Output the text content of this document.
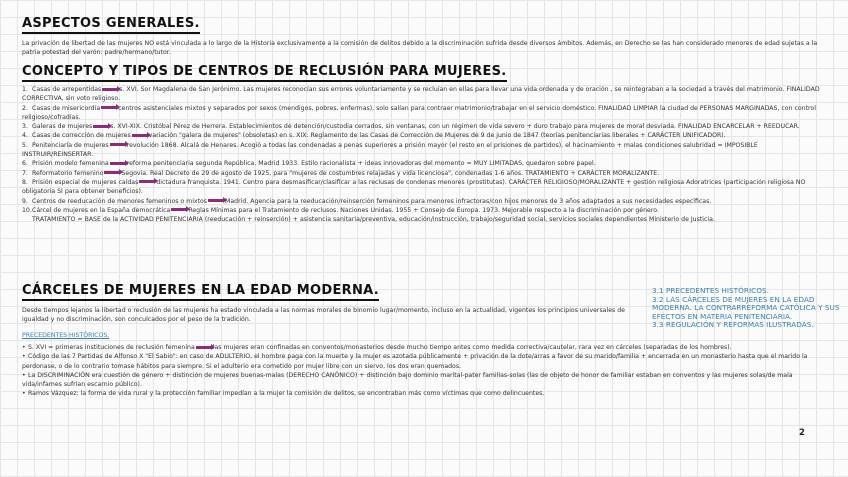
ASPECTOS GENERALES.
La privación de libertad de las mujeres NO está vinculada a lo largo de la Historia exclusivamente a la comisión de delitos debido a la discriminación sufrida desde diversos ámbitos. Además, en Derecho se las han considerado menores de edad sujetas a la patria potestad del varón: padre/hermano/tutor.
CONCEPTO Y TIPOS DE CENTROS DE RECLUSIÓN PARA MUJERES.
1. Casas de arrepentidas	s. XVI. Sor Magdalena de San Jerónimo. Las mujeres reconocían sus errores voluntariamente y se recluían en ellas para llevar una vida ordenada y de oración , se reintegraban a la sociedad a través del matrimonio. FINALIDAD CORRECTIVA, sin voto religioso.
2. Casas de misericordia	centros asistenciales mixtos y separados por sexos (mendigos, pobres, enfermas), solo salían para contraer matrimonio/trabajar en el servicio doméstico. FINALIDAD LIMPIAR la ciudad de PERSONAS MARGINADAS, con control religioso/cofradías.
3. Galeras de mujeres	s. XVI-XIX. Cristóbal Pérez de Herrera. Establecimientos de detención/custodia cerrados, sin ventanas, con un régimen de vida severo + duro trabajo para mujeres de moral desviada. FINALIDAD ENCARCELAR + REEDUCAR.
4. Casas de corrección de mujeres	variación "galera de mujeres" (obsoletas) en s. XIX: Reglamento de las Casas de Corrección de Mujeres de 9 de junio de 1847 (teorías penitenciarias liberales + CARÁCTER UNIFICADOR).
5. Penitenciaría de mujeres	revolución 1868. Alcalá de Henares. Acogió a todas las condenadas a penas superiores a prisión mayor (el resto en el prisiones de partidos), el hacinamiento + malas condiciones salubridad = IMPOSIBLE INSTRUIR/REINSERTAR.
6. Prisión modelo femenina	reforma penitenciaria segunda República. Madrid 1933. Estilo racionalista + ideas innovadoras del momento = MUY LIMITADAS, quedaron sobre papel.
7. Reformatorio femenino	Segovia. Real Decreto de 29 de agosto de 1925, para "mujeres de costumbres relajadas y vida licenciosa", condenadas 1-6 años. TRATAMIENTO + CARÁCTER MORALIZANTE.
8. Prisión especial de mujeres caídas	dictadura franquista. 1941. Centro para desmasificar/clasificar a las reclusas de condenas menores (prostitutas). CARÁCTER RELIGIOSO/MORALIZANTE + gestión religiosa Adoratrices (participación religiosa NO obligatoria SI para obtener beneficios).
9. Centros de reeducación de menores femeninos o mixtos	Madrid. Agencia para la reeducación/reinserción femeninos para menores infractoras/con hijos menores de 3 años adaptados a sus necesidades específicas.
10.Cárcel de mujeres en la España democrática	Reglas Mínimas para el Tratamiento de reclusos. Naciones Unidas. 1955 + Consejo de Europa. 1973. Mejorable respecto a la discriminación por género.
TRATAMIENTO = BASE de la ACTIVIDAD PENITENCIARIA (reeducación + reinserción) + asistencia sanitaria/preventiva, educación/instrucción, trabajo/seguridad social, servicios sociales dependientes Ministerio de Justicia.
CÁRCELES DE MUJERES EN LA EDAD MODERNA.
Desde tiempos lejanos la libertad o reclusión de las mujeres ha estado vinculada a las normas morales de binomio lugar/momento, incluso en la actualidad, vigentes los principios universales de igualdad y no discriminación, son conculcados por el peso de la tradición.
PRECEDENTES HISTÓRICOS.
• S. XVI = primeras instituciones de reclusión femenina	las mujeres eran confinadas en conventos/monasterios desde mucho tiempo antes como medida correctiva/cautelar, rara vez en cárceles (separadas de los hombres).
• Código de las 7 Partidas de Alfonso X "El Sabio": en caso de ADULTERIO, el hombre paga con la muerte y la mujer es azotada públicamente + privación de la dote/arras a favor de su marido/familia + encerrada en un monasterio hasta que el marido la perdonase, o de lo contrario tomase hábitos para siempre. Si el adulterio era cometido por mujer libre con un siervo, los dos eran quemados.
• La DISCRIMINACIÓN era cuestión de género + distinción de mujeres buenas-malas (DERECHO CANÓNICO) + distinción bajo dominio marital-pater familias-solas (las de objeto de honor de familiar estaban en conventos y las mujeres solas/de mala vida/infames sufrían escarnio público).
• Ramos Vázquez: la forma de vida rural y la protección familiar impedían a la mujer la comisión de delitos, se encontraban más como víctimas que como delincuentes.
3.1 PRECEDENTES HISTÓRICOS.
3.2 LAS CÁRCELES DE MUJERES EN LA EDAD MODERNA. LA CONTRARREFORMA CATÓLICA Y SUS EFECTOS EN MATERIA PENITENCIARIA.
3.3 REGULACIÓN Y REFORMAS ILUSTRADAS.
2
